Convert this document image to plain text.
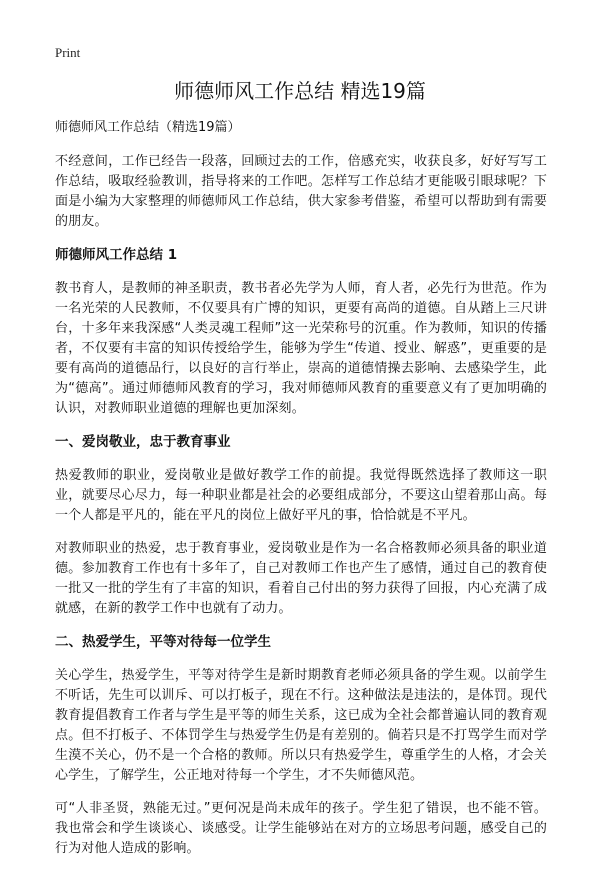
Print
师德师风工作总结 精选19篇
师德师风工作总结（精选19篇）

不经意间，工作已经告一段落，回顾过去的工作，倍感充实，收获良多，好好写写工作总结，吸取经验教训，指导将来的工作吧。怎样写工作总结才更能吸引眼球呢？下面是小编为大家整理的师德师风工作总结，供大家参考借鉴，希望可以帮助到有需要的朋友。

师德师风工作总结 1

教书育人，是教师的神圣职责，教书者必先学为人师，育人者，必先行为世范。作为一名光荣的人民教师，不仅要具有广博的知识，更要有高尚的道德。自从踏上三尺讲台，十多年来我深感“人类灵魂工程师”这一光荣称号的沉重。作为教师，知识的传播者，不仅要有丰富的知识传授给学生，能够为学生“传道、授业、解惑”，更重要的是要有高尚的道德品行，以良好的言行举止，崇高的道德情操去影响、去感染学生，此为“德高”。通过师德师风教育的学习，我对师德师风教育的重要意义有了更加明确的认识，对教师职业道德的理解也更加深刻。

一、爱岗敬业，忠于教育事业

热爱教师的职业，爱岗敬业是做好教学工作的前提。我觉得既然选择了教师这一职业，就要尽心尽力，每一种职业都是社会的必要组成部分，不要这山望着那山高。每一个人都是平凡的，能在平凡的岗位上做好平凡的事，恰恰就是不平凡。

对教师职业的热爱，忠于教育事业，爱岗敬业是作为一名合格教师必须具备的职业道德。参加教育工作也有十多年了，自己对教师工作也产生了感情，通过自己的教育使一批又一批的学生有了丰富的知识，看着自己付出的努力获得了回报，内心充满了成就感，在新的教学工作中也就有了动力。

二、热爱学生，平等对待每一位学生

关心学生，热爱学生，平等对待学生是新时期教育老师必须具备的学生观。以前学生不听话，先生可以训斥、可以打板子，现在不行。这种做法是违法的，是体罚。现代教育提倡教育工作者与学生是平等的师生关系，这已成为全社会都普遍认同的教育观点。但不打板子、不体罚学生与热爱学生仍是有差别的。倘若只是不打骂学生而对学生漠不关心，仍不是一个合格的教师。所以只有热爱学生，尊重学生的人格，才会关心学生，了解学生，公正地对待每一个学生，才不失师德风范。

可“人非圣贤，熟能无过。”更何况是尚未成年的孩子。学生犯了错误，也不能不管。我也常会和学生谈谈心、谈感受。让学生能够站在对方的立场思考问题，感受自己的行为对他人造成的影响。
